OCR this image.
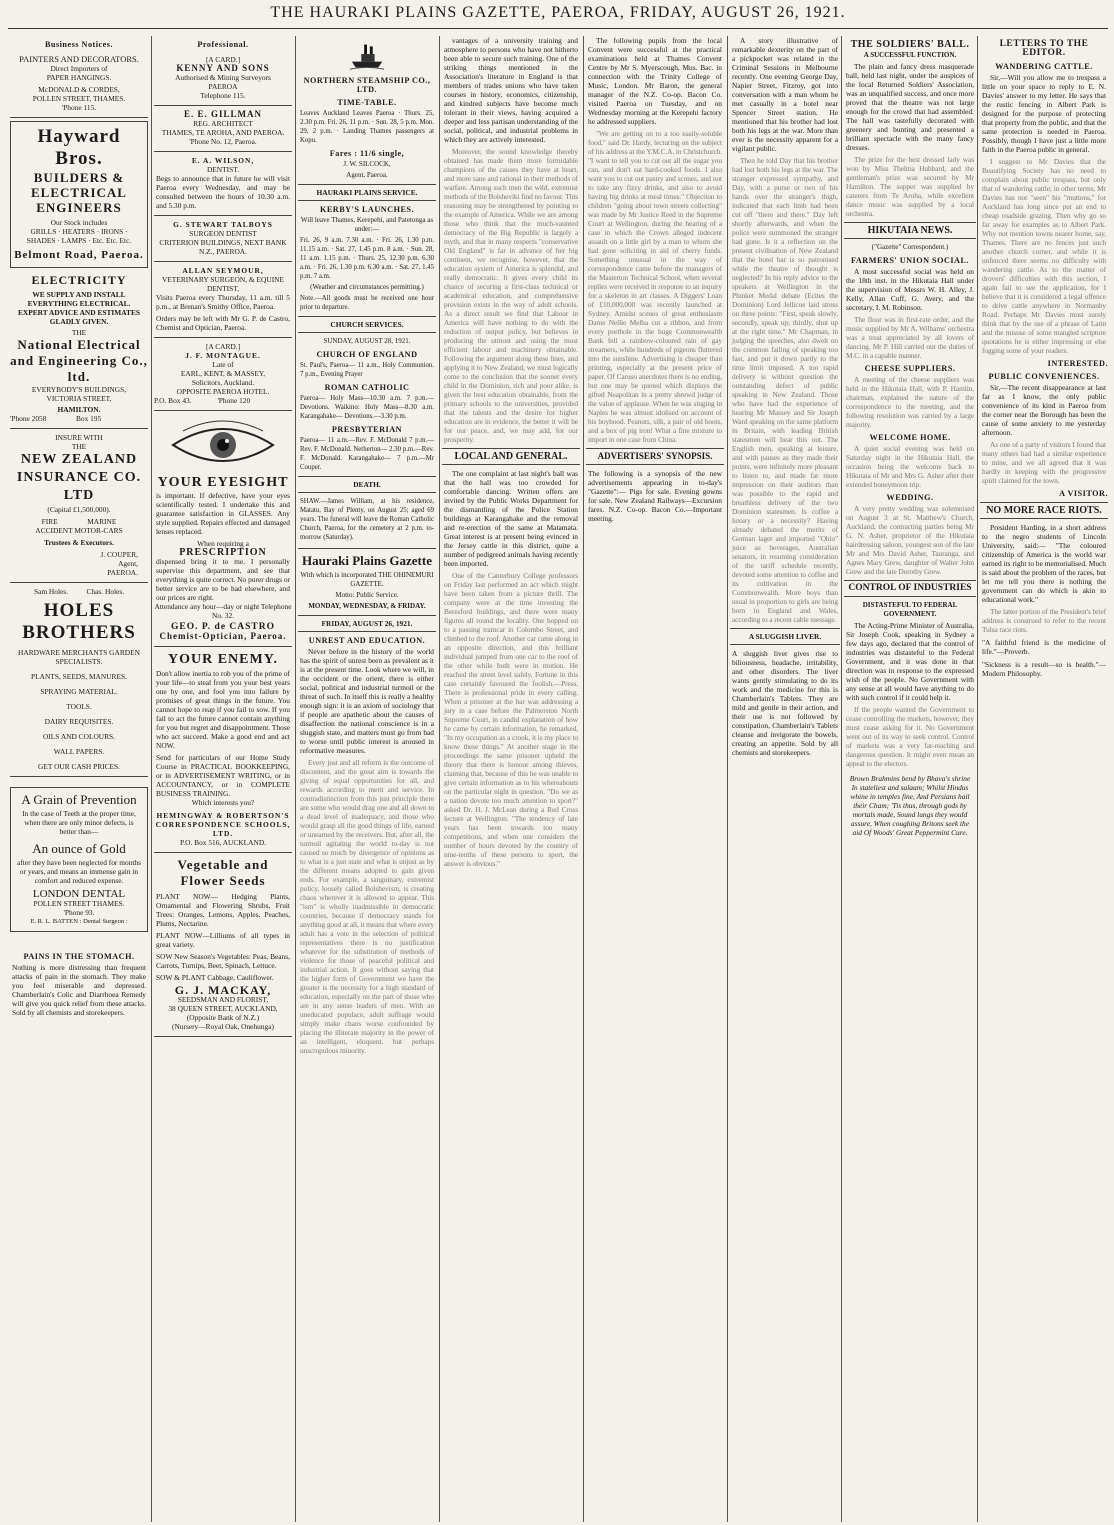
THE HAURAKI PLAINS GAZETTE, PAEROA, FRIDAY, AUGUST 26, 1921.
Business Notices.
PAINTERS AND DECORATORS.
Direct Importers of
PAPER HANGINGS.
McDONALD & CORDES,
POLLEN STREET, THAMES.
'Phone 115.
Hayward Bros.
BUILDERS &
ELECTRICAL
ENGINEERS
Our Stock includes
GRILLS · HEATERS · IRONS · SHADES · LAMPS · Etc. Etc. Etc.
Belmont Road, Paeroa.
ELECTRICITY
WE SUPPLY AND INSTALL EVERYTHING ELECTRICAL. EXPERT ADVICE AND ESTIMATES GLADLY GIVEN.
THE
National Electrical and Engineering Co., ltd.
EVERYBODY'S BUILDINGS,
VICTORIA STREET,
HAMILTON.
'Phone 2058                Box 195
INSURE WITH
THE
NEW ZEALAND INSURANCE CO. LTD
(Capital £1,500,000).
FIRE                MARINE
ACCIDENT MOTOR-CARS
Trustees & Executors.
J. COUPER,
Agent,
PAEROA.
Sam Holes.          Chas. Holes.
HOLES BROTHERS
HARDWARE MERCHANTS GARDEN SPECIALISTS.
PLANTS, SEEDS, MANURES.
SPRAYING MATERIAL.
TOOLS.
DAIRY REQUISITES.
OILS AND COLOURS.
WALL PAPERS.
GET OUR CASH PRICES.
A Grain of Prevention
In the case of Teeth at the proper time, when there are only minor defects, is better than—
An ounce of Gold
after they have been neglected for months or years, and means an immense gain in comfort and reduced expense.
LONDON DENTAL
POLLEN STREET THAMES.
'Phone 93.
E. R. L. BATTEN : Dental Surgeon :
PAINS IN THE STOMACH.
Nothing is more distressing than frequent attacks of pain in the stomach. They make you feel miserable and depressed. Chamberlain's Colic and Diarrhoea Remedy will give you quick relief from these attacks. Sold by all chemists and storekeepers.
Professional.
[A CARD.]
KENNY AND SONS
Authorised & Mining Surveyors
PAEROA
Telephone 115.
E. E. GILLMAN
REG. ARCHITECT
THAMES, TE AROHA, AND PAEROA.
'Phone No. 12, Paeroa.
E. A. WILSON,
DENTIST.
Begs to announce that in future he will visit Paeroa every Wednesday, and may be consulted between the hours of 10.30 a.m. and 5.30 p.m.
G. STEWART TALBOYS
SURGEON DENTIST
CRITERION BUILDINGS, NEXT BANK N.Z., PAEROA.
ALLAN SEYMOUR,
VETERINARY SURGEON, & EQUINE DENTIST,
Visits Paeroa every Thursday, 11 a.m. till 5 p.m., at Brenan's Smithy Office, Paeroa.
Orders may be left with Mr G. P. de Castro, Chemist and Optician, Paeroa.
[A CARD.]
J. F. MONTAGUE.
Late of
EARL, KENT, & MASSEY,
Solicitors, Auckland.
OPPOSITE PAEROA HOTEL.
P.O. Box 43.              'Phone 120
YOUR EYESIGHT
is important. If defective, have your eyes scientifically tested. I undertake this and guarantee satisfaction in GLASSES. Any style supplied. Repairs effected and damaged lenses replaced.
When requiring a
PRESCRIPTION
dispensed bring it to me. I personally supervise this department, and see that everything is quite correct. No purer drugs or better service are to be had elsewhere, and our prices are right.
Attendance any hour—day or night Telephone No. 32.
GEO. P. de CASTRO
Chemist-Optician, Paeroa.
YOUR ENEMY.
Don't allow inertia to rob you of the prime of your life—to steal from you your best years one by one, and fool you into failure by promises of great things in the future. You cannot hope to reap if you fail to sow. If you fail to act the future cannot contain anything for you but regret and disappointment. Those who act succeed. Make a good end and act NOW.
Send for particulars of our Home Study Course in PRACTICAL BOOKKEEPING, or in ADVERTISEMENT WRITING, or in ACCOUNTANCY, or in COMPLETE BUSINESS TRAINING.
Which interests you?
HEMINGWAY & ROBERTSON'S CORRESPONDENCE SCHOOLS, LTD.
P.O. Box 516, AUCKLAND.
Vegetable and Flower Seeds
PLANT NOW— Hedging Plants, Ornamental and Flowering Shrubs, Fruit Trees: Oranges, Lemons, Apples, Peaches, Plums, Nectarine.
PLANT NOW—Lilliums of all types in great variety.
SOW New Season's Vegetables: Peas, Beans, Carrots, Turnips, Beet, Spinach, Lettuce.
SOW & PLANT Cabbage, Cauliflower.
G. J. MACKAY,
SEEDSMAN AND FLORIST,
38 QUEEN STREET, AUCKLAND,
(Opposite Bank of N.Z.)
(Nursery—Royal Oak, Onehunga)
NORTHERN STEAMSHIP CO., LTD.
TIME-TABLE.
Leaves Auckland Leaves Paeroa · Thurs. 25, 2.30 p.m. Fri. 26, 11 p.m. · Sun. 28, 5 p.m. Mon. 29, 2 p.m. · Landing Thames passengers at Kopu.
Fares : 11/6 single,
J. W. SILCOCK,
Agent, Paeroa.
HAURAKI PLAINS SERVICE.
KERBY'S LAUNCHES.
Will leave Thames, Kerepehi, and Patetonga as under:—
Fri. 26, 9 a.m. 7.30 a.m. · Fri. 26, 1.30 p.m. 11.15 a.m. · Sat. 27, 1.45 p.m. 8 a.m. · Sun. 28, 11 a.m. 1.15 p.m. · Thurs. 25, 12.30 p.m. 6.30 a.m. · Fri. 26, 1.30 p.m. 6.30 a.m. · Sat. 27, 1.45 p.m. 7 a.m.
(Weather and circumstances permitting.)
Note.—All goods must be received one hour prior to departure.
CHURCH SERVICES.
SUNDAY, AUGUST 28, 1921.
CHURCH OF ENGLAND
St. Paul's, Paeroa— 11 a.m., Holy Communion. 7 p.m., Evening Prayer
ROMAN CATHOLIC
Paeroa— Holy Mass—10.30 a.m. 7 p.m.—Devotions. Waikino: Holy Mass—8.30 a.m. Karangahake— Devotions.—3.30 p.m.
PRESBYTERIAN
Paeroa— 11 a.m.—Rev. F. McDonald 7 p.m.—Rev. F. McDonald. Netherton— 2.30 p.m.—Rev. F. McDonald. Karangahake— 7 p.m.—Mr Couper.
DEATH.
SHAW.—James William, at his residence, Matatu, Bay of Plenty, on August 25; aged 69 years. The funeral will leave the Roman Catholic Church, Paeroa, for the cemetery at 2 p.m. to-morrow (Saturday).
Hauraki Plains Gazette
With which is incorporated THE OHINEMURI GAZETTE.
Motto: Public Service.
MONDAY, WEDNESDAY, & FRIDAY.
FRIDAY, AUGUST 26, 1921.
UNREST AND EDUCATION.

Never before in the history of the world has the spirit of unrest been as prevalent as it is at the present time. Look where we will, in the occident or the orient, there is either social, political and industrial turmoil or the threat of such. In itself this is really a healthy enough sign: it is an axiom of sociology that if people are apathetic about the causes of disaffection the national conscience is in a sluggish state, and matters must go from bad to worse until public interest is aroused in reformative measures.

Every just and all reform is the outcome of discontent, and the great aim is towards the giving of equal opportunities for all, and rewards according to merit and service. In contradistinction from this just principle there are some who would drag one and all down to a dead level of inadequacy, and those who would grasp all the good things of life, earned or unearned by the receivers. But, after all, the turmoil agitating the world to-day is not caused so much by divergence of opinions as to what is a just state and what is unjust as by the different means adopted to gain given ends. For example, a sanguinary, extremist policy, loosely called Bolshevism, is creating chaos wherever it is allowed to appear. This "ism" is wholly inadmissible in democratic countries, because if democracy stands for anything good at all, it means that where every adult has a vote in the selection of political representatives there is no justification whatever for the substitution of methods of violence for those of peaceful political and industrial action. It goes without saying that the higher form of Government we have the greater is the necessity for a high standard of education, especially on the part of those who are in any sense leaders of men. With an uneducated populace, adult suffrage would simply make chaos worse confounded by placing the illiterate majority in the power of an intelligent, eloquent, but perhaps unscrupulous minority.

vantages of a university training and atmosphere to persons who have not hitherto been able to secure such training. One of the striking things mentioned in the Association's literature in England is that members of trades unions who have taken courses in history, economics, citizenship, and kindred subjects have become much tolerant in their views, having acquired a deeper and less partisan understanding of the social, political, and industrial problems in which they are actively interested.

Moreover, the sound knowledge thereby obtained has made them more formidable champions of the causes they have at heart, and more sane and rational in their methods of warfare. Among such men the wild, extremist methods of the Bolsheviki find no favour. This reasoning may be strengthened by pointing to the example of America. While we are among those who think that the much-vaunted democracy of the Big Republic is largely a myth, and that in many respects "conservative Old England" is far in advance of her big continent, we recognise, however, that the education system of America is splendid, and really democratic. It gives every child its chance of securing a first-class technical or academical education, and comprehensive provision exists in the way of adult schools. As a direct result we find that Labour in America will have nothing to do with the reduction of output policy, but believes in producing the utmost and using the most efficient labour and machinery obtainable. Following the argument along these lines, and applying it to New Zealand, we must logically come to the conclusion that the sooner every child in the Dominion, rich and poor alike, is given the best education obtainable, from the primary schools to the universities, provided that the talents and the desire for higher education are in evidence, the better it will be for our peace, and, we may add, for our prosperity.

LOCAL AND GENERAL.

The one complaint at last night's ball was that the hall was too crowded for comfortable dancing. Written offers are invited by the Public Works Department for the dismantling of the Police Station buildings at Karangahake and the removal and re-erection of the same at Matamata. Great interest is at present being evinced in the Jersey cattle in this district, quite a number of pedigreed animals having recently been imported.

One of the Canterbury College professors on Friday last performed an act which might have been taken from a picture thrill. The company were at the time investing the Beresford buildings, and there were many figures all round the locality. One hopped on to a passing tramcar in Colombo Street, and climbed to the roof. Another car came along in an opposite direction, and this brilliant individual jumped from one car to the roof of the other while both were in motion. He reached the street level safely. Fortune in this case certainly favoured the foolish.—Press. There is professional pride in every calling. When a prisoner at the bar was addressing a jury in a case before the Palmerston North Supreme Court, in candid explanation of how he came by certain information, he remarked, "In my occupation as a crook, it is my place to know these things." At another stage in the proceedings the same prisoner upheld the theory that there is honour among thieves, claiming that, because of this he was unable to give certain information as to his whereabouts on the particular night in question. "Do we as a nation devote too much attention to sport?" asked Dr. H. J. McLean during a Red Cross lecture at Wellington. "The tendency of late years has been towards too many competitions, and when one considers the number of hours devoted by the country of nine-tenths of these persons to sport, the answer is obvious."

The following pupils from the local Convent were successful at the practical examinations held at Thames Convent Centre by Mr S. Myerscough, Mus. Bac. in connection with the Trinity College of Music, London. Mr Baron, the general manager of the N.Z. Co-op. Bacon Co. visited Paeroa on Tuesday, and on Wednesday morning at the Kerepehi factory he addressed suppliers.

"We are getting on to a too easily-soluble food," said Dr. Hardy, lecturing on the subject of his address at the Y.M.C.A. in Christchurch. "I want to tell you to cut out all the sugar you can, and don't eat hard-cooked foods. I also want you to cut out pastry and scones, and not to take any fizzy drinks, and also to avoid having big drinks at meal times." Objection to children "going about town streets collecting" was made by Mr Justice Reed in the Supreme Court at Wellington, during the hearing of a case in which the Crown alleged indecent assault on a little girl by a man to whom she had gone soliciting in aid of cherry funds. Something unusual in the way of correspondence came before the managers of the Masterton Technical School, when several replies were received in response to an inquiry for a skeleton in art classes. A Diggers' Loan of £10,000,000 was recently launched at Sydney. Amidst scenes of great enthusiasm Dame Nellie Melba cut a ribbon, and from every porthole in the huge Commonwealth Bank fell a rainbow-coloured rain of gay streamers, while hundreds of pigeons fluttered into the sunshine. Advertising is cheaper than printing, especially at the present price of paper. Of Caruso anecdotes there is no ending, but one may be quoted which displays the gifted Neapolitan in a pretty shrewd judge of the value of applause. When he was singing in Naples he was almost idolised on account of his boyhood. Peanuts, silk, a pair of old boots, and a box of pig iron! What a fine mixture to import in one case from China.

ADVERTISERS' SYNOPSIS.
The following is a synopsis of the new advertisements appearing in to-day's "Gazette":— Pigs for sale. Evening gowns for sale. New Zealand Railways—Excursion fares. N.Z. Co-op. Bacon Co.—Important meeting.

A story illustrative of remarkable dexterity on the part of a pickpocket was related in the Criminal Sessions in Melbourne recently. One evening George Day, Napier Street, Fitzroy, got into conversation with a man whom he met casually in a hotel near Spencer Street station. He mentioned that his brother had lost both his legs at the war. More than ever is the necessity apparent for a vigilant public.

Then he told Day that his brother had lost both his legs at the war. The stranger expressed sympathy, and Day, with a purse or two of his hands over the stranger's thigh, indicated that each limb had been cut off "there and there." Day left shortly afterwards, and when the police were summoned the stranger had gone. Is it a reflection on the present civilisation of New Zealand that the hotel bar is so patronised while the theatre of thought is neglected? In his reply advice to the speakers at Wellington in the Plunket Medal debate (Ecites the Dominion) Lord Jellicoe laid stress on three points: "First, speak slowly, secondly, speak up; thirdly, shut up at the right time." Mr Chapman, in judging the speeches, also dwelt on the common failing of speaking too fast, and put it down partly to the time limit imposed. A too rapid delivery is without question the outstanding defect of public speaking in New Zealand. Those who have had the experience of hearing Mr Massey and Sir Joseph Ward speaking on the same platform in Britain, with leading British statesmen will bear this out. The English men, speaking at leisure, and with pauses as they made their points, were infinitely more pleasant to listen to, and made far more impression on their auditors than was possible to the rapid and breathless delivery of the two Dominion statesmen. Is coffee a luxury or a necessity? Having already debated the merits of German lager and imported "Ohio" juice as beverages, Australian senators, in resuming consideration of the tariff schedule recently, devoted some attention to coffee and its cultivation in the Commonwealth. More boys than usual in proportion to girls are being born in England and Wales, according to a recent cable message.

A SLUGGISH LIVER.
A sluggish liver gives rise to biliousness, headache, irritability, and other disorders. The liver wants gently stimulating to do its work and the medicine for this is Chamberlain's Tablets. They are mild and gentle in their action, and their use is not followed by constipation, Chamberlain's Tablets cleanse and invigorate the bowels, creating an appetite. Sold by all chemists and storekeepers.
THE SOLDIERS' BALL.
A SUCCESSFUL FUNCTION.

The plain and fancy dress masquerade ball, held last night, under the auspices of the local Returned Soldiers' Association, was an unqualified success, and once more proved that the theatre was not large enough for the crowd that had assembled. The hall was tastefully decorated with greenery and bunting and presented a brilliant spectacle with the many fancy dresses.

The prize for the best dressed lady was won by Miss Thelma Hubbard, and the gentleman's prize was secured by Mr Hamilton. The supper was supplied by caterers from Te Aroha, while excellent dance music was supplied by a local orchestra.

HIKUTAIA NEWS.
("Gazette" Correspondent.)
FARMERS' UNION SOCIAL.

A most successful social was held on the 18th inst. in the Hikutaia Hall under the supervision of Messrs W. H. Alley, J. Kelly, Allan Cuff, G. Avery, and the secretary, I. M. Robinson.

The floor was in first-rate order, and the music supplied by Mr A. Wilhams' orchestra was a treat appreciated by all lovers of dancing. Mr P. Hill carried out the duties of M.C. in a capable manner.

CHEESE SUPPLIERS.

A meeting of the cheese suppliers was held in the Hikutaia Hall, with P. Hamlin, chairman, explained the nature of the correspondence to the meeting, and the following resolution was carried by a large majority.

WELCOME HOME.

A quiet social evening was held on Saturday night in the Hikutaia Hall, the occasion being the welcome back to Hikutaia of Mr and Mrs G. Asher after their extended honeymoon trip.

WEDDING.

A very pretty wedding was solemnised on August 3 at St. Matthew's Church, Auckland, the contracting parties being Mr G. N. Asher, proprietor of the Hikutaia hairdressing saloon, youngest son of the late Mr and Mrs David Asher, Tauranga, and Agnes Mary Grew, daughter of Walter John Grew and the late Dorothy Grew.

CONTROL OF INDUSTRIES
DISTASTEFUL TO FEDERAL GOVERNMENT.

The Acting-Prime Minister of Australia, Sir Joseph Cook, speaking in Sydney a few days ago, declared that the control of industries was distasteful to the Federal Government, and it was done in that direction was in response to the expressed wish of the people. No Government with any sense at all would have anything to do with such control if it could help it.

If the people wanted the Government to cease controlling the markets, however, they must cease asking for it. No Government went out of its way to seek control. Control of markets was a very far-reaching and dangerous question. It might even mean an appeal to the electors.

Brown Brahmins bend by Bhava's shrine In stateliest and salaam; Whilst Hindus whine in temples fine, And Persians hail their Cham; 'Tis thus, through gods by mortals made, Sound lungs they would assure, When coughing Britons seek the aid Of Woods' Great Peppermint Cure.
LETTERS TO THE EDITOR.
WANDERING CATTLE.

Sir,—Will you allow me to trespass a little on your space to reply to E. N. Davies' answer to my letter. He says that the rustic fencing in Albert Park is designed for the purpose of protecting that property from the public, and that the same protection is needed in Paeroa. Possibly, though I have just a little more faith in the Paeroa public in general.

I suggest to Mr Davies that the Beautifying Society has no need to complain about public trespass, but only that of wandering cattle; in other terms, Mr Davies has not "seen" his "muttons," for Auckland has long since put an end to cheap roadside grazing. Then why go so far away for examples as to Albert Park. Why not mention towns nearer home, say, Thames. There are no fences just such another church corner, and while it is unfenced there seems no difficulty with wandering cattle. As to the matter of drovers' difficulties with this section, I again fail to see the application, for I believe that it is considered a legal offence to drive cattle anywhere in Normanby Road. Perhaps Mr Davies must surely think that by the use of a phrase of Latin and the misuse of some mangled scripture quotations he is either impressing or else fogging some of your readers.

INTERESTED.
PUBLIC CONVENIENCES.

Sir,—The recent disappearance at last far as I know, the only public convenience of its kind in Paeroa from the corner near the Borough has been the cause of some anxiety to me yesterday afternoon.

As one of a party of visitors I found that many others had had a similar experience to mine, and we all agreed that it was hardly in keeping with the progressive spirit claimed for the town.

A VISITOR.
NO MORE RACE RIOTS.

President Harding, in a short address to the negro students of Lincoln University, said:— "The coloured citizenship of America is the world war earned its right to be memorialised. Much is said about the problem of the races, but let me tell you there is nothing the government can do which is akin to educational work."

The latter portion of the President's brief address is construed to refer to the recent Tulsa race riots.

"A faithful friend is the medicine of life."—Proverb.
"Sickness is a result—so is health."—Modern Philosophy.
